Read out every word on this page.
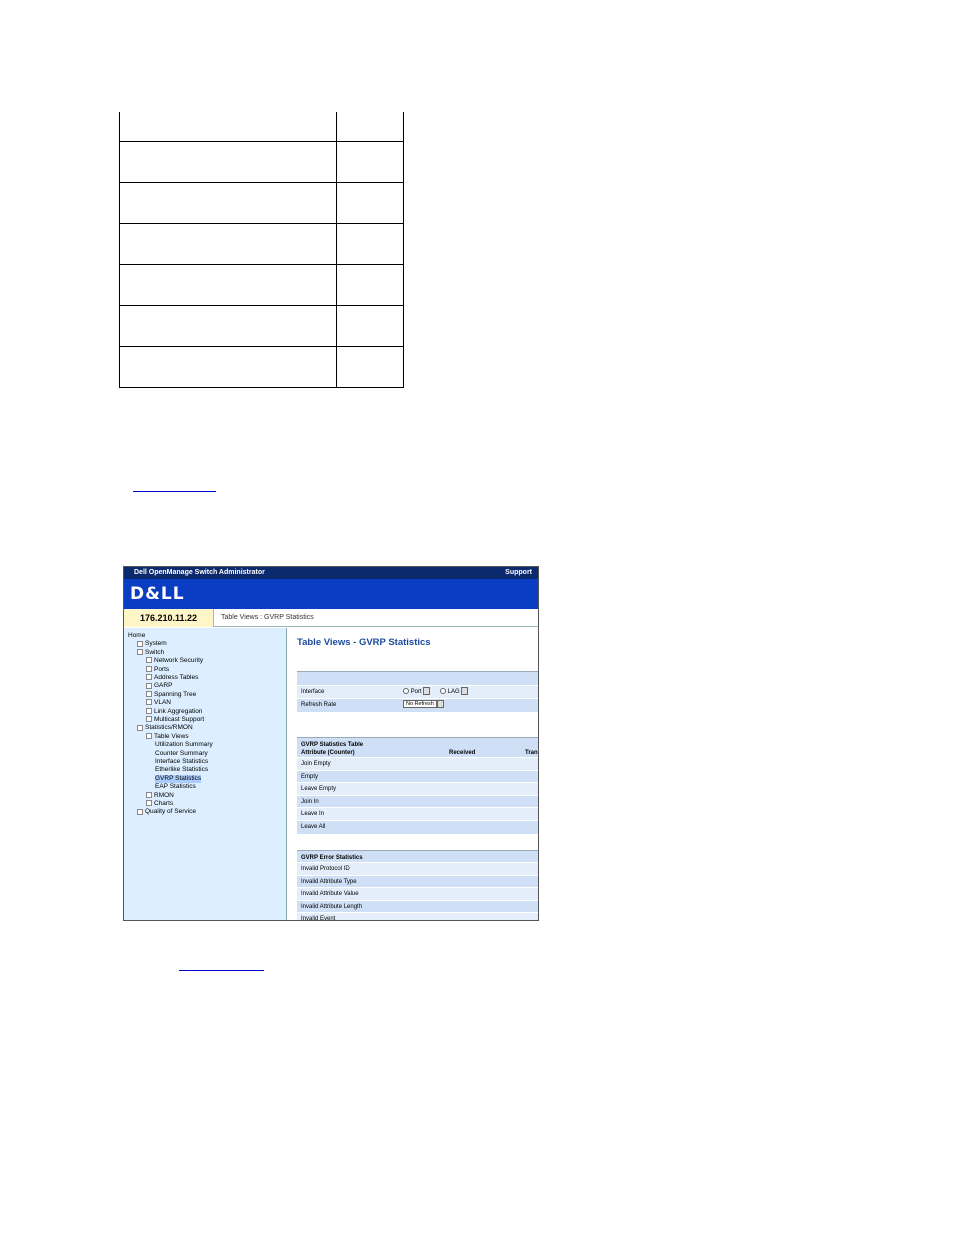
Dell OpenManage Switch Administrator	Support
D&LL
176.210.11.22	Table Views : GVRP Statistics
Home
System
Switch
Network Security
Ports
Address Tables
GARP
Spanning Tree
VLAN
Link Aggregation
Multicast Support
Statistics/RMON
Table Views
Utilization Summary
Counter Summary
Interface Statistics
Etherlike Statistics
GVRP Statistics
EAP Statistics
RMON
Charts
Quality of Service
Table Views - GVRP Statistics
Interface	Port	LAG
Refresh Rate	No Refresh
GVRP Statistics Table
Attribute (Counter)	Received	Tran
Join Empty
Empty
Leave Empty
Join In
Leave In
Leave All
GVRP Error Statistics
Invalid Protocol ID
Invalid Attribute Type
Invalid Attribute Value
Invalid Attribute Length
Invalid Event
